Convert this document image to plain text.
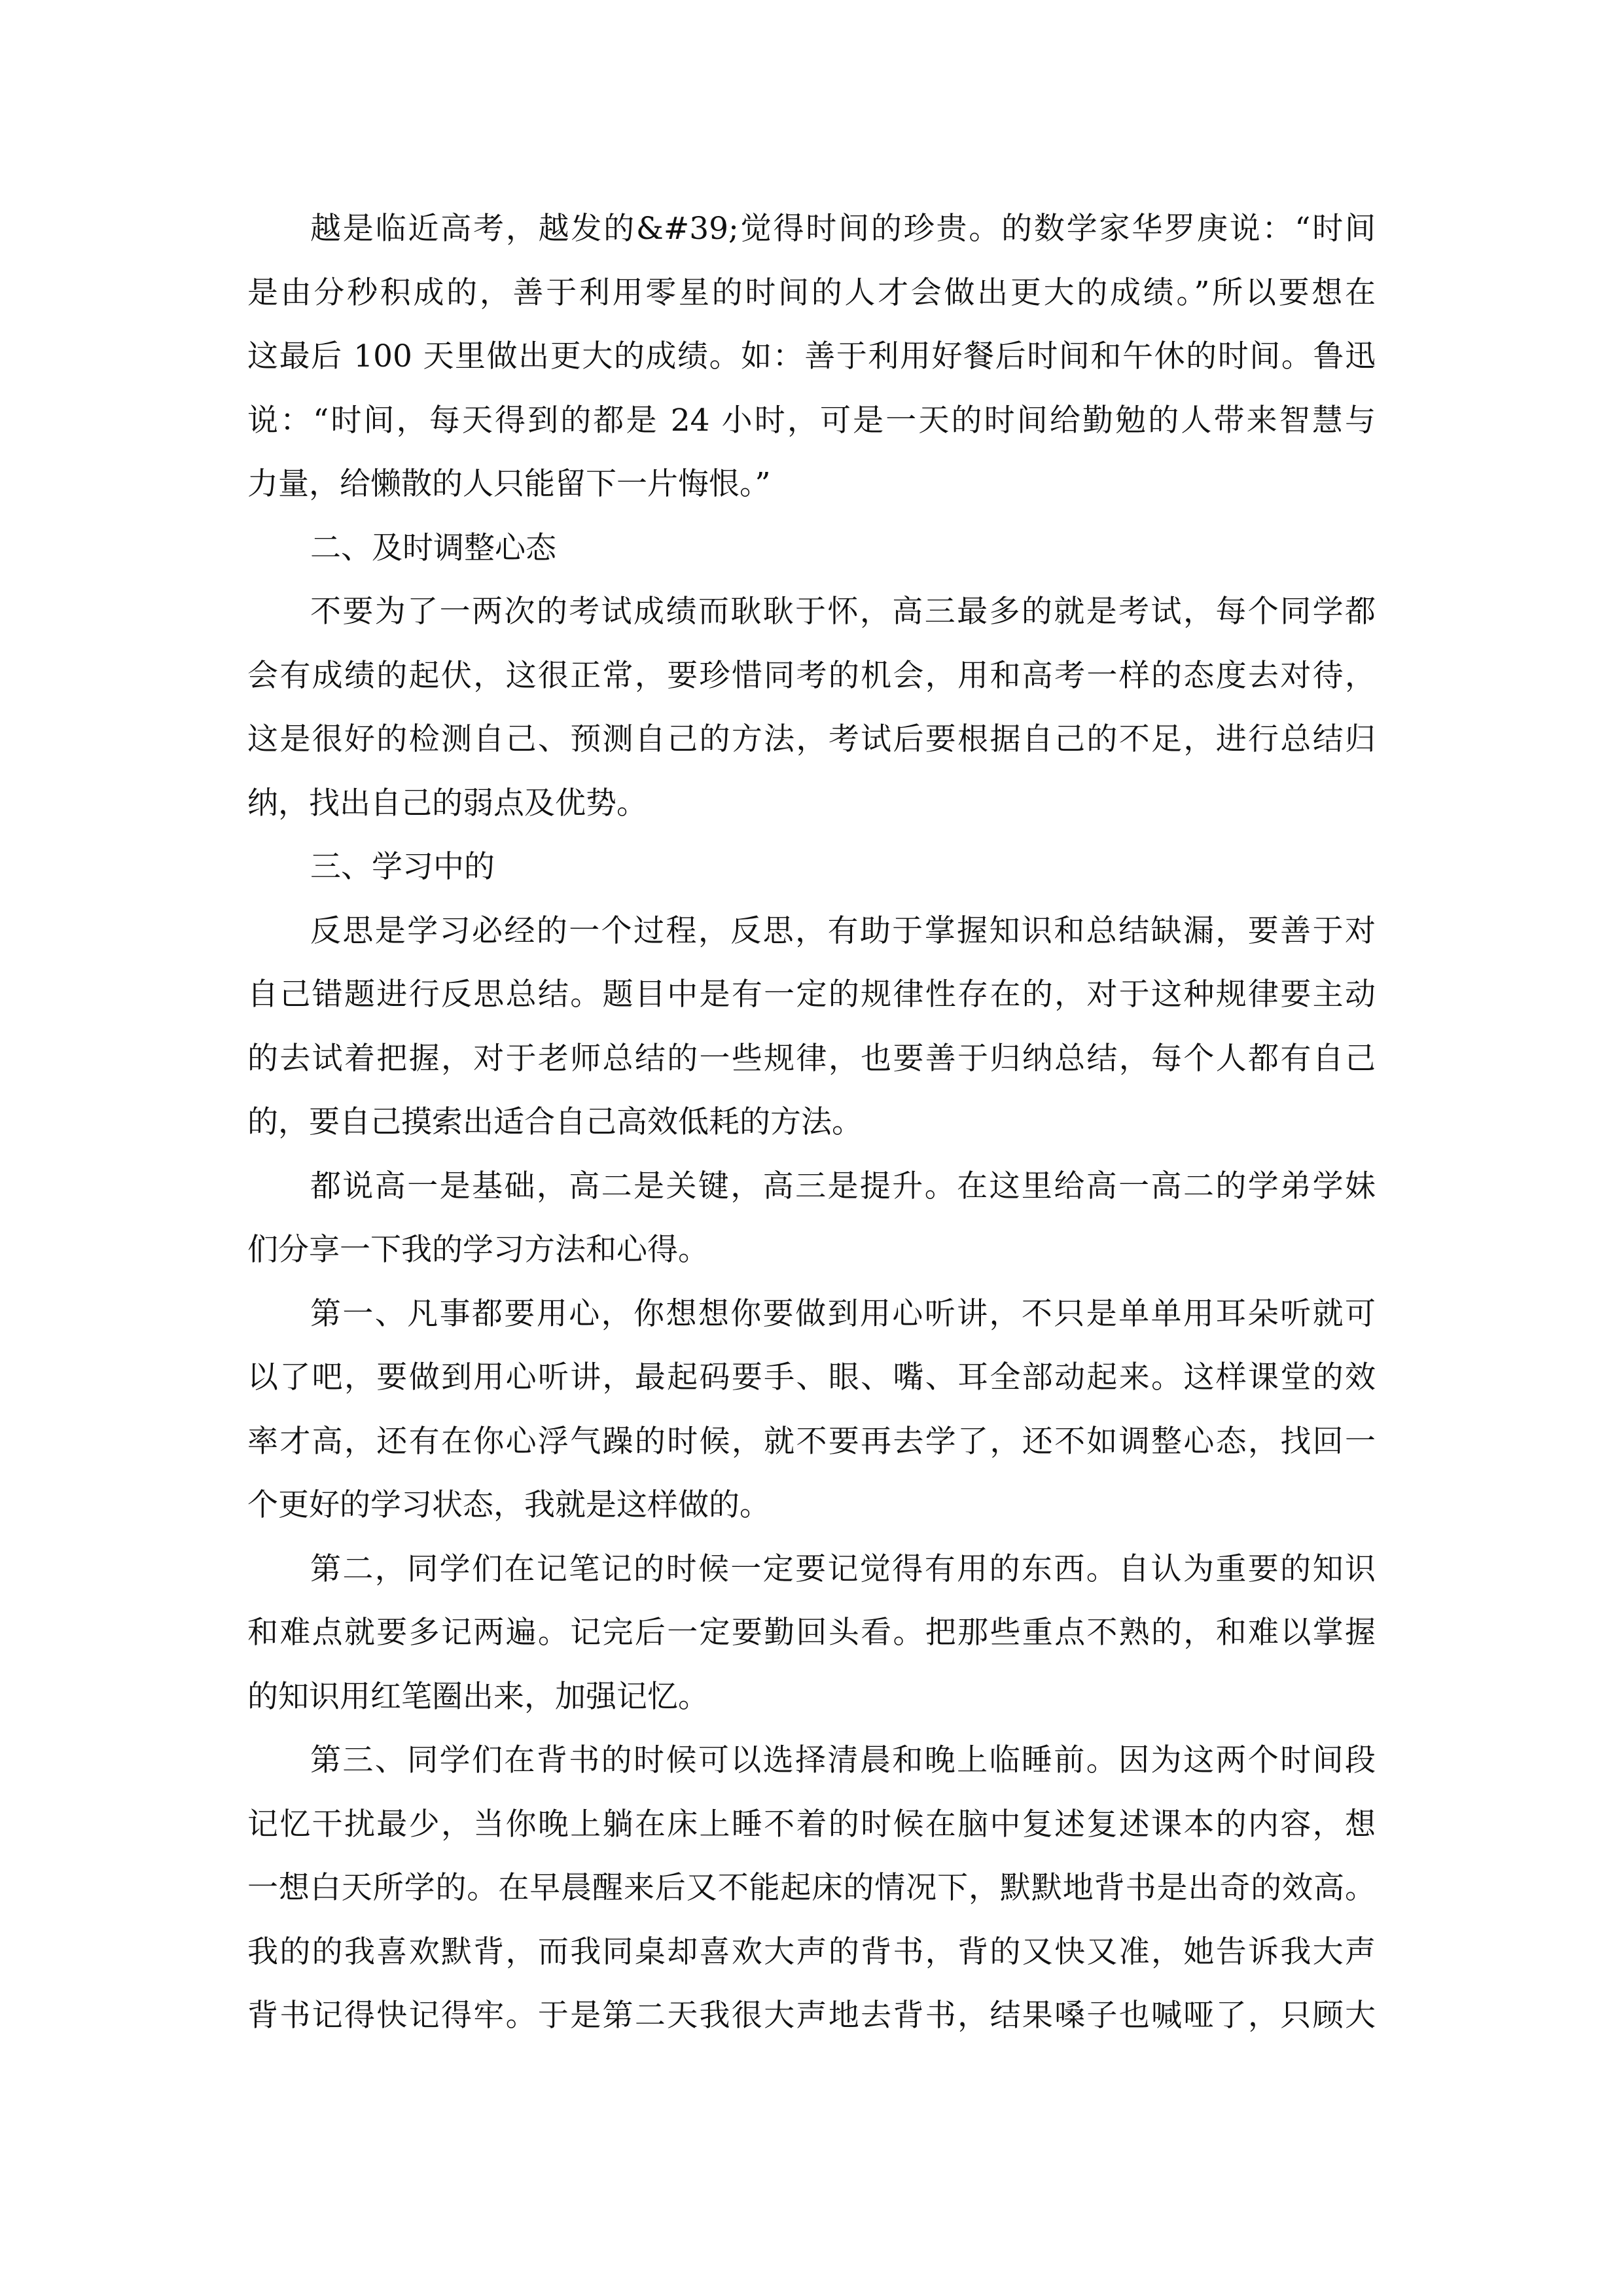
越是临近高考，越发的&#39;觉得时间的珍贵。的数学家华罗庚说：“时间
是由分秒积成的，善于利用零星的时间的人才会做出更大的成绩。”所以要想在
这最后 100 天里做出更大的成绩。如：善于利用好餐后时间和午休的时间。鲁迅
说：“时间，每天得到的都是 24 小时，可是一天的时间给勤勉的人带来智慧与
力量，给懒散的人只能留下一片悔恨。”
二、及时调整心态
不要为了一两次的考试成绩而耿耿于怀，高三最多的就是考试，每个同学都
会有成绩的起伏，这很正常，要珍惜同考的机会，用和高考一样的态度去对待，
这是很好的检测自己、预测自己的方法，考试后要根据自己的不足，进行总结归
纳，找出自己的弱点及优势。
三、学习中的
反思是学习必经的一个过程，反思，有助于掌握知识和总结缺漏，要善于对
自己错题进行反思总结。题目中是有一定的规律性存在的，对于这种规律要主动
的去试着把握，对于老师总结的一些规律，也要善于归纳总结，每个人都有自己
的，要自己摸索出适合自己高效低耗的方法。
都说高一是基础，高二是关键，高三是提升。在这里给高一高二的学弟学妹
们分享一下我的学习方法和心得。
第一、凡事都要用心，你想想你要做到用心听讲，不只是单单用耳朵听就可
以了吧，要做到用心听讲，最起码要手、眼、嘴、耳全部动起来。这样课堂的效
率才高，还有在你心浮气躁的时候，就不要再去学了，还不如调整心态，找回一
个更好的学习状态，我就是这样做的。
第二，同学们在记笔记的时候一定要记觉得有用的东西。自认为重要的知识
和难点就要多记两遍。记完后一定要勤回头看。把那些重点不熟的，和难以掌握
的知识用红笔圈出来，加强记忆。
第三、同学们在背书的时候可以选择清晨和晚上临睡前。因为这两个时间段
记忆干扰最少，当你晚上躺在床上睡不着的时候在脑中复述复述课本的内容，想
一想白天所学的。在早晨醒来后又不能起床的情况下，默默地背书是出奇的效高。
我的的我喜欢默背，而我同桌却喜欢大声的背书，背的又快又准，她告诉我大声
背书记得快记得牢。于是第二天我很大声地去背书，结果嗓子也喊哑了，只顾大
